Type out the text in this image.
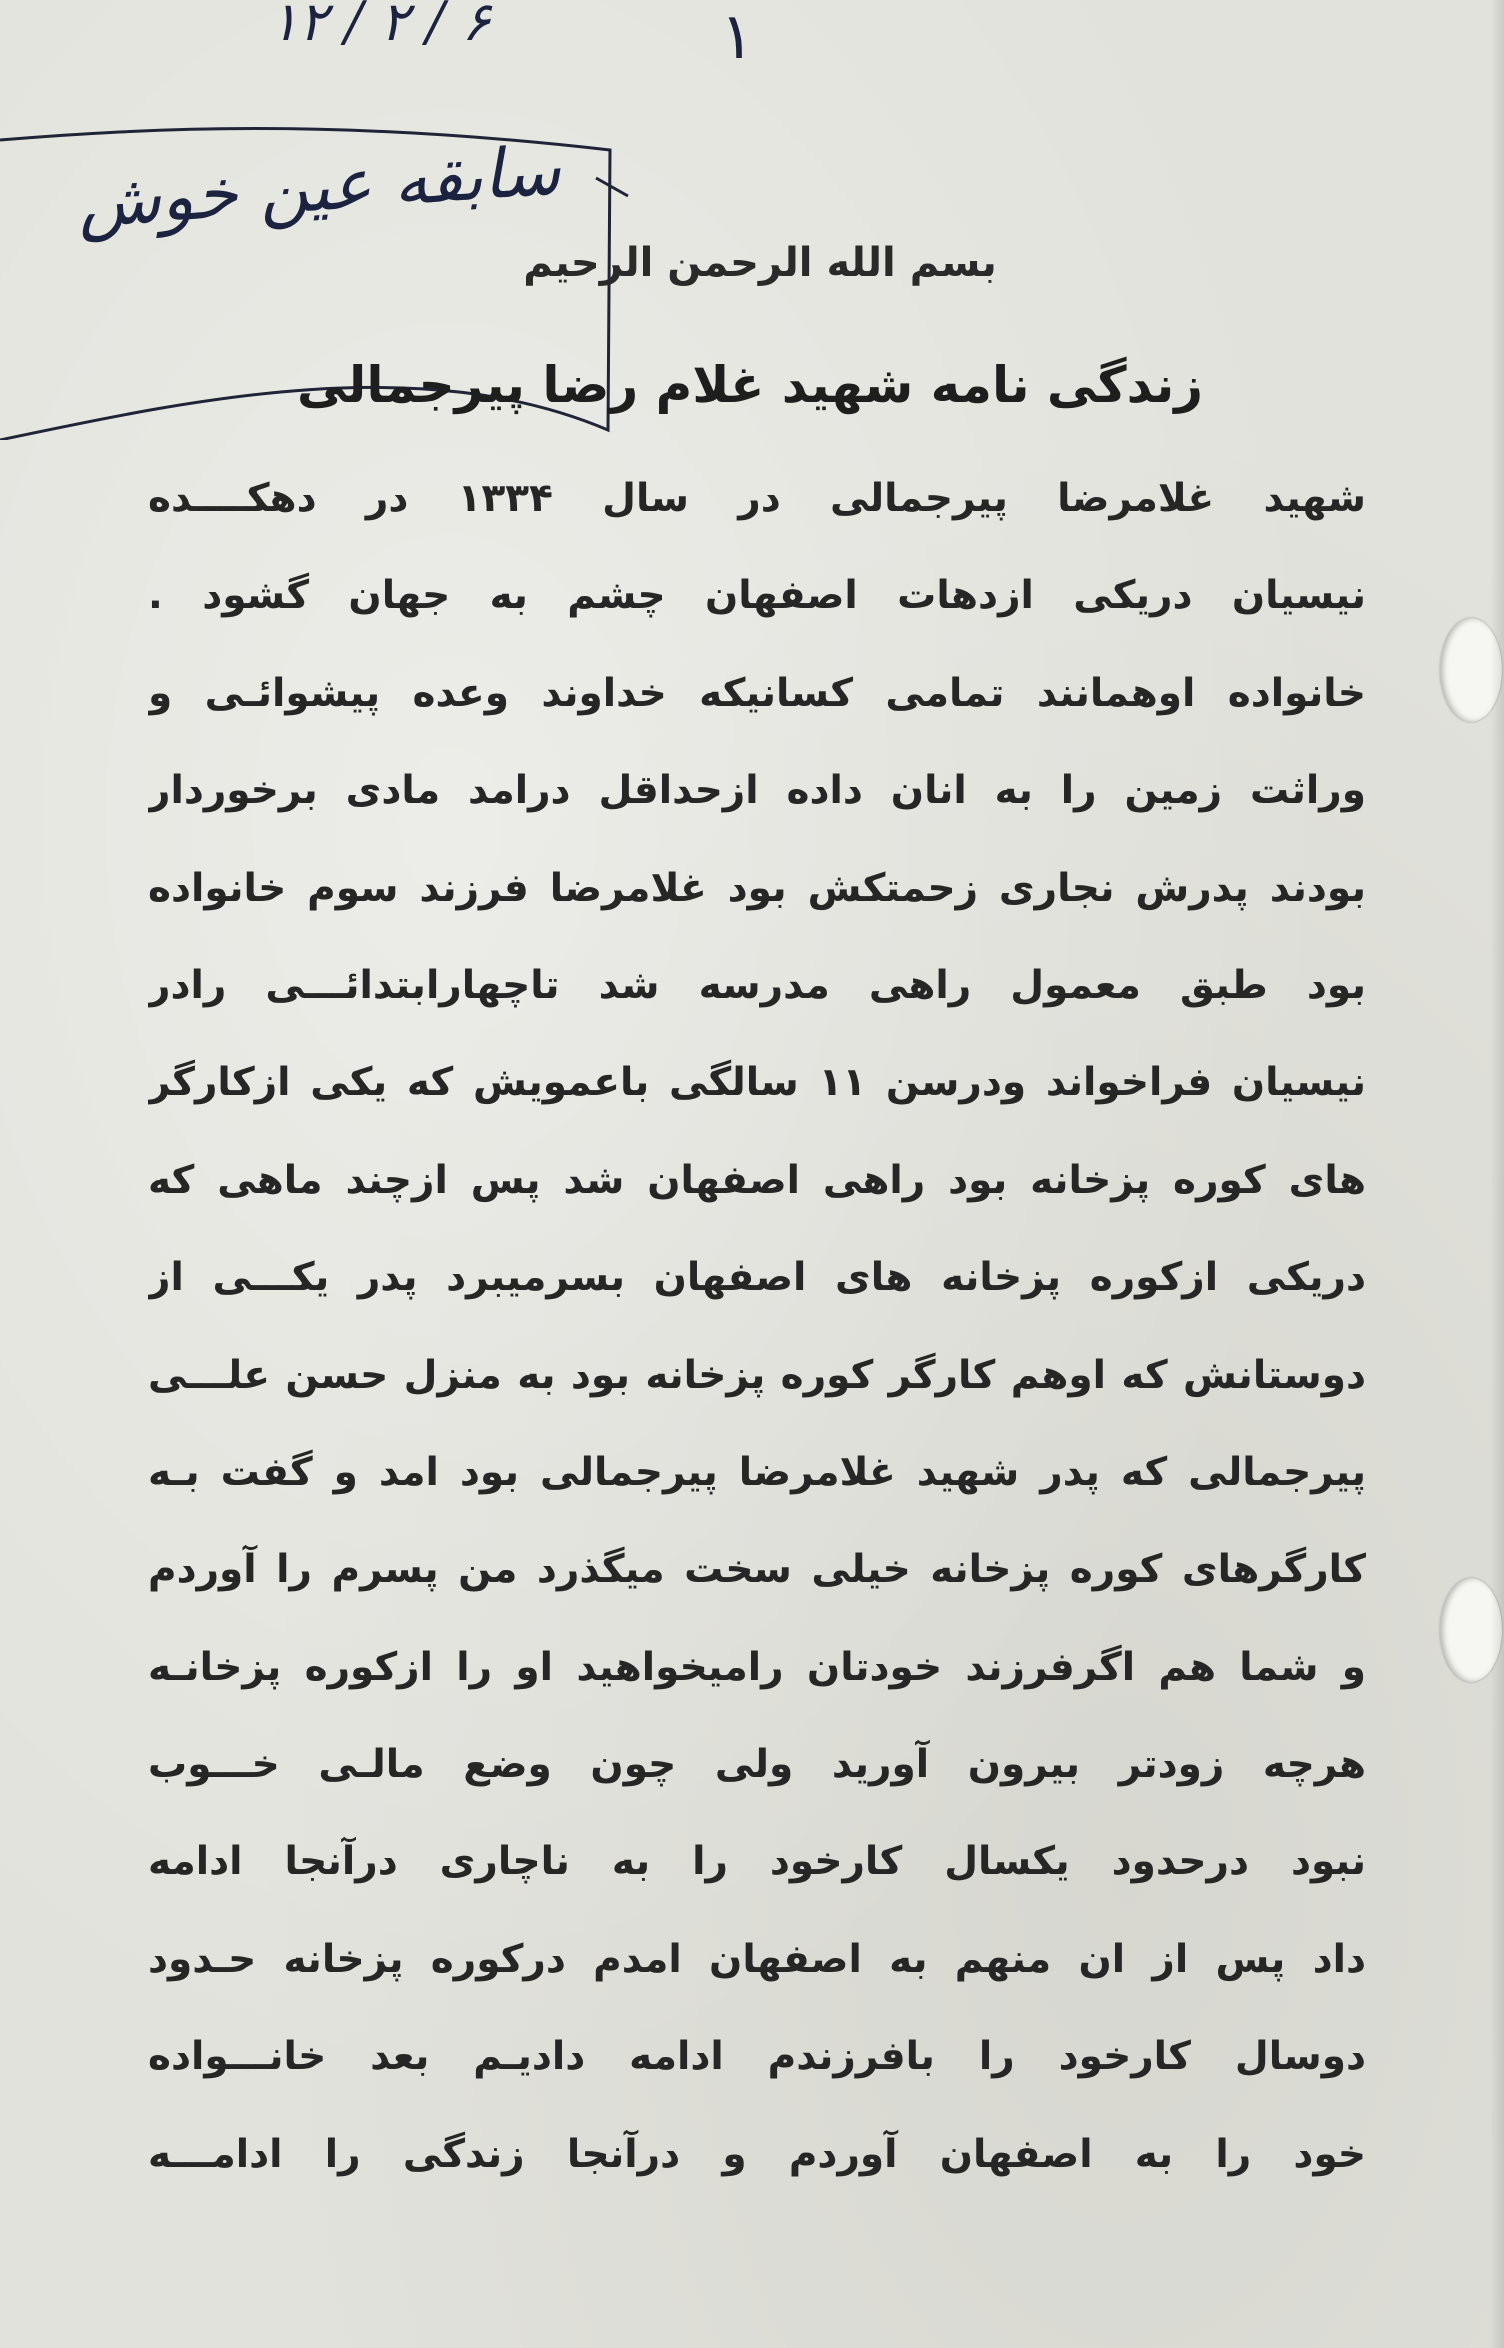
۶ / ۲ / ۱۲	۱
سابقه عین خوش
بسم الله الرحمن الرحیم
زندگی نامه شهید غلام رضا پیرجمالی
شهید غلامرضا پیرجمالی در سال ۱۳۳۴ در دهکــــده
نیسیان دریکی ازدهات اصفهان چشم به جهان گشود .
خانواده اوهمانند تمامی کسانیکه خداوند وعده پیشوائـی و
وراثت زمین را به انان داده ازحداقل درامد مادی برخوردار
بودند پدرش نجاری زحمتکش بود غلامرضا فرزند سوم خانواده
بود طبق معمول راهی مدرسه شد تاچهارابتدائـــی رادر
نیسیان فراخواند ودرسن ۱۱ سالگی باعمویش که یکی ازکارگر
های کوره پزخانه بود راهی اصفهان شد پس ازچند ماهی که
دریکی ازکوره پزخانه های اصفهان بسرمیبرد پدر یکـــی از
دوستانش که اوهم کارگر کوره پزخانه بود به منزل حسن علـــی
پیرجمالی که پدر شهید غلامرضا پیرجمالی بود امد و گفت بـه
کارگرهای کوره پزخانه خیلی سخت میگذرد من پسرم را آوردم
و شما هم اگرفرزند خودتان رامیخواهید او را ازکوره پزخانـه
هرچه زودتر بیرون آورید ولی چون وضع مالـی خـــوب
نبود درحدود یکسال کارخود را به ناچاری درآنجا ادامه
داد پس از ان منهم به اصفهان امدم درکوره پزخانه حـدود
دوسال کارخود را بافرزندم ادامه دادیـم بعد خانـــواده
خود را به اصفهان آوردم و درآنجا زندگی را ادامـــه
